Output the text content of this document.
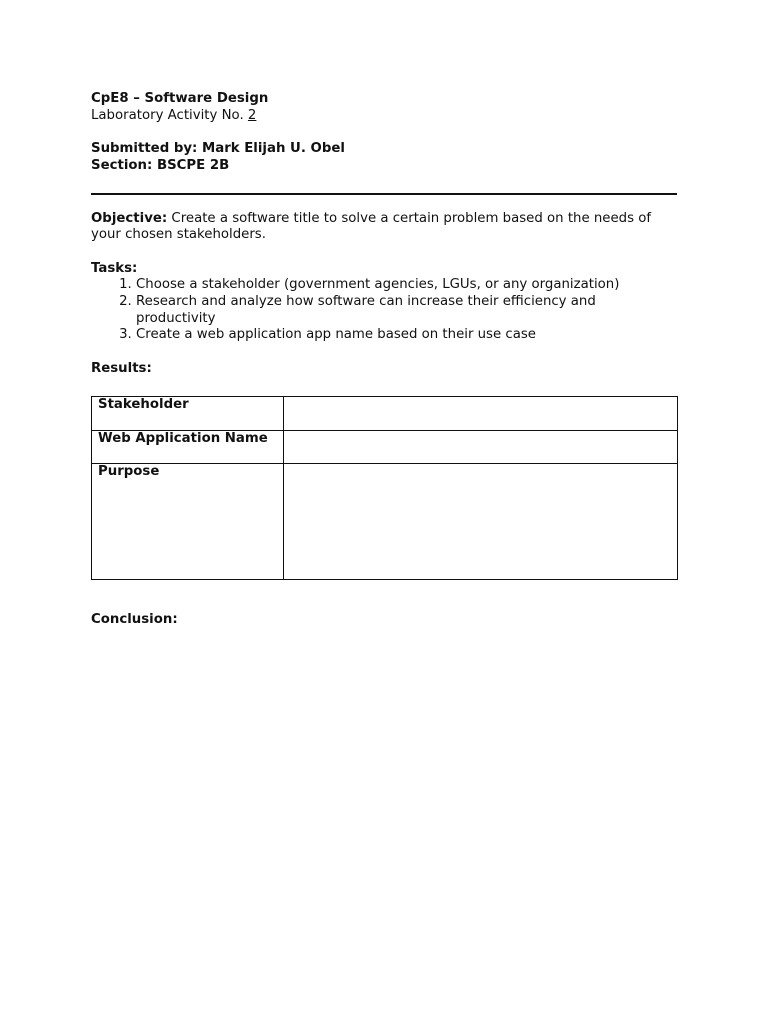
CpE8 – Software Design
Laboratory Activity No. 2
Submitted by: Mark Elijah U. Obel
Section: BSCPE 2B

Objective: Create a software title to solve a certain problem based on the needs of your chosen stakeholders.

Tasks:
1. Choose a stakeholder (government agencies, LGUs, or any organization)
2. Research and analyze how software can increase their efficiency and productivity
3. Create a web application app name based on their use case
Results:
Stakeholder	
Web Application Name	
Purpose	
Conclusion:
